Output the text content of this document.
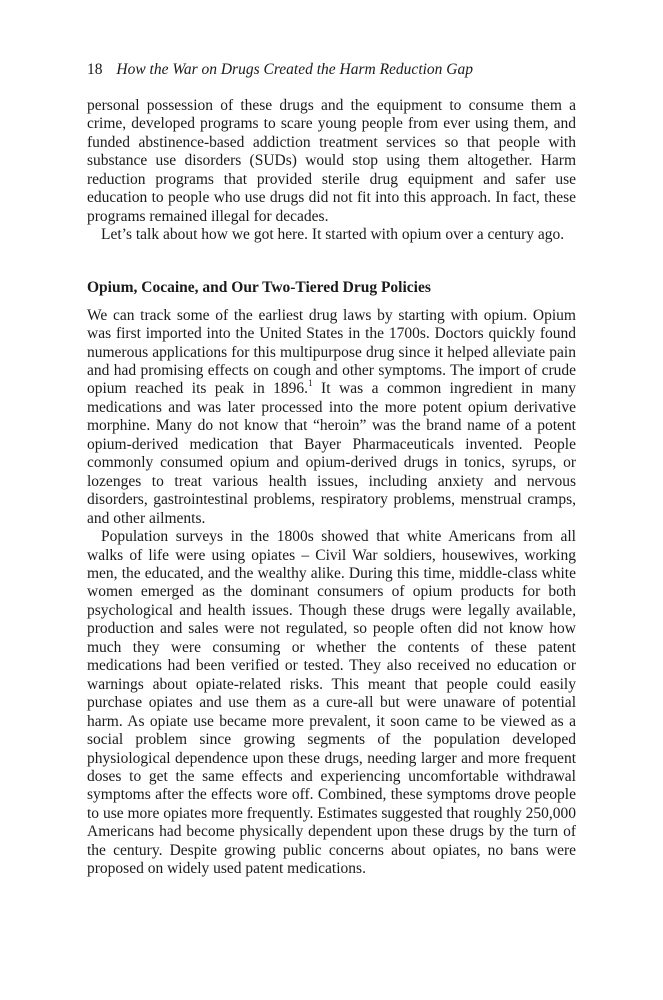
18 How the War on Drugs Created the Harm Reduction Gap

personal possession of these drugs and the equipment to consume them a crime, developed programs to scare young people from ever using them, and funded abstinence-based addiction treatment services so that people with substance use disorders (SUDs) would stop using them altogether. Harm reduction programs that provided sterile drug equipment and safer use education to people who use drugs did not fit into this approach. In fact, these programs remained illegal for decades.

Let’s talk about how we got here. It started with opium over a century ago.

Opium, Cocaine, and Our Two-Tiered Drug Policies

We can track some of the earliest drug laws by starting with opium. Opium was first imported into the United States in the 1700s. Doctors quickly found numerous applications for this multipurpose drug since it helped alleviate pain and had promising effects on cough and other symptoms. The import of crude opium reached its peak in 1896.$^1$ It was a common ingredient in many medications and was later processed into the more potent opium derivative morphine. Many do not know that “heroin” was the brand name of a potent opium-derived medication that Bayer Pharmaceuticals invented. People commonly consumed opium and opium-derived drugs in tonics, syrups, or lozenges to treat various health issues, including anxiety and nervous disorders, gastrointestinal problems, respiratory problems, menstrual cramps, and other ailments.

Population surveys in the 1800s showed that white Americans from all walks of life were using opiates – Civil War soldiers, housewives, working men, the educated, and the wealthy alike. During this time, middle-class white women emerged as the dominant consumers of opium products for both psychological and health issues. Though these drugs were legally available, production and sales were not regulated, so people often did not know how much they were consuming or whether the contents of these patent medications had been verified or tested. They also received no education or warnings about opiate-related risks. This meant that people could easily purchase opiates and use them as a cure-all but were unaware of potential harm. As opiate use became more prevalent, it soon came to be viewed as a social problem since growing segments of the population developed physiological dependence upon these drugs, needing larger and more frequent doses to get the same effects and experiencing uncomfortable withdrawal symptoms after the effects wore off. Combined, these symptoms drove people to use more opiates more frequently. Estimates suggested that roughly 250,000 Americans had become physically dependent upon these drugs by the turn of the century. Despite growing public concerns about opiates, no bans were proposed on widely used patent medications.
